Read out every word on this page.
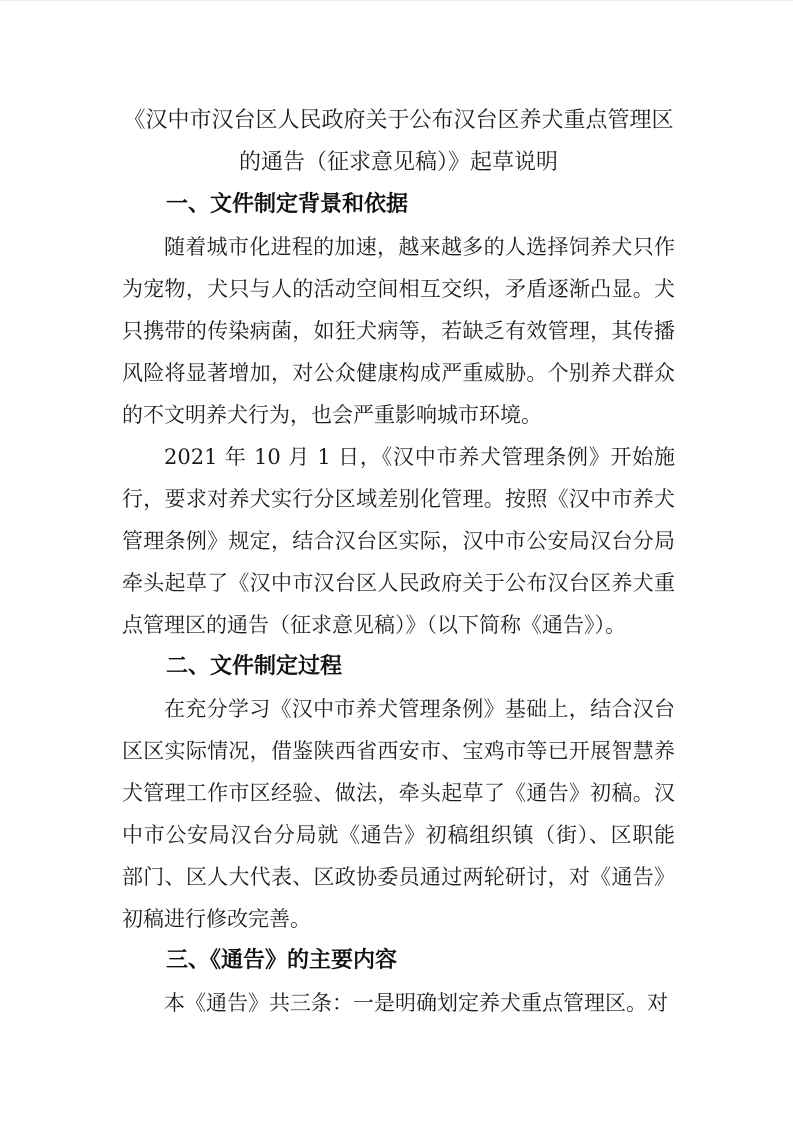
《汉中市汉台区人民政府关于公布汉台区养犬重点管理区
的通告（征求意见稿）》起草说明
一、文件制定背景和依据

随着城市化进程的加速，越来越多的人选择饲养犬只作为宠物，犬只与人的活动空间相互交织，矛盾逐渐凸显。犬只携带的传染病菌，如狂犬病等，若缺乏有效管理，其传播风险将显著增加，对公众健康构成严重威胁。个别养犬群众的不文明养犬行为，也会严重影响城市环境。

2021 年 10 月 1 日，《汉中市养犬管理条例》开始施行，要求对养犬实行分区域差别化管理。按照《汉中市养犬管理条例》规定，结合汉台区实际，汉中市公安局汉台分局牵头起草了《汉中市汉台区人民政府关于公布汉台区养犬重点管理区的通告（征求意见稿）》（以下简称《通告》）。

二、文件制定过程

在充分学习《汉中市养犬管理条例》基础上，结合汉台区区实际情况，借鉴陕西省西安市、宝鸡市等已开展智慧养犬管理工作市区经验、做法，牵头起草了《通告》初稿。汉中市公安局汉台分局就《通告》初稿组织镇（街）、区职能部门、区人大代表、区政协委员通过两轮研讨，对《通告》初稿进行修改完善。

三、《通告》的主要内容

本《通告》共三条：一是明确划定养犬重点管理区。对
